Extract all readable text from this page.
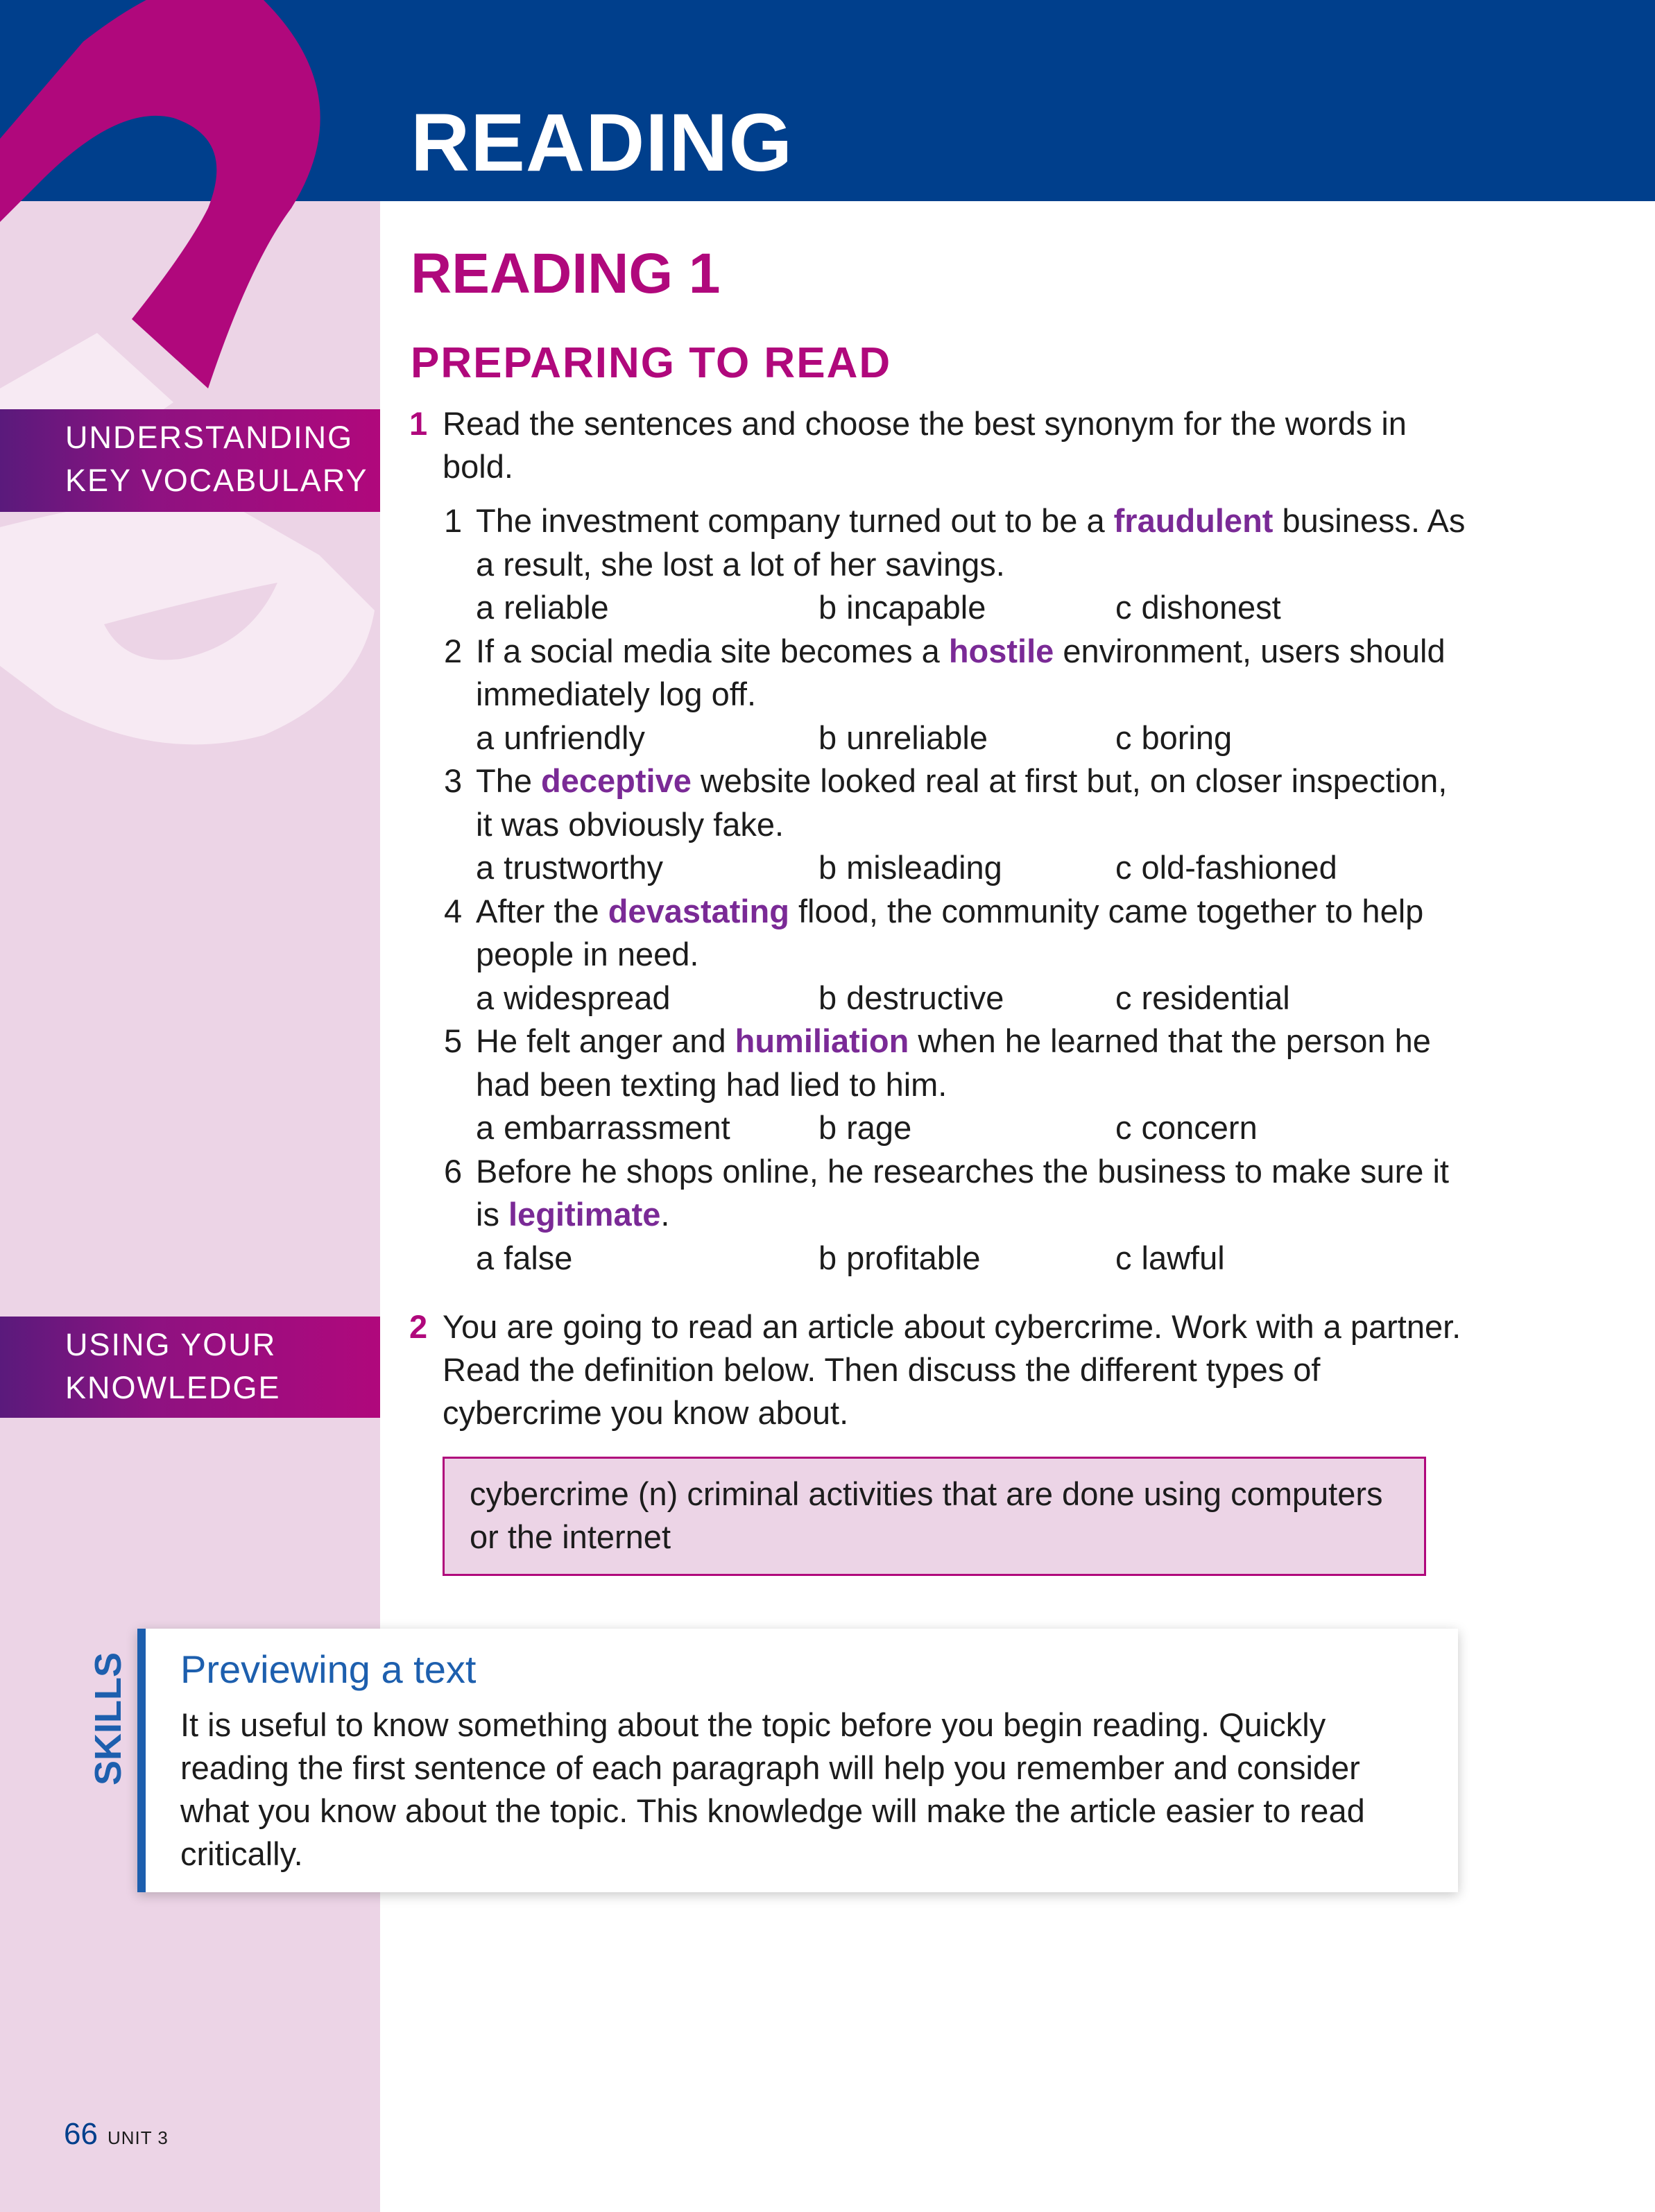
READING
READING 1
PREPARING TO READ
UNDERSTANDING
KEY VOCABULARY
1 Read the sentences and choose the best synonym for the words in bold.
1 The investment company turned out to be a fraudulent business. As a result, she lost a lot of her savings.
a reliable	b incapable	c dishonest
2 If a social media site becomes a hostile environment, users should immediately log off.
a unfriendly	b unreliable	c boring
3 The deceptive website looked real at first but, on closer inspection, it was obviously fake.
a trustworthy	b misleading	c old-fashioned
4 After the devastating flood, the community came together to help people in need.
a widespread	b destructive	c residential
5 He felt anger and humiliation when he learned that the person he had been texting had lied to him.
a embarrassment	b rage	c concern
6 Before he shops online, he researches the business to make sure it is legitimate.
a false	b profitable	c lawful
USING YOUR
KNOWLEDGE
2 You are going to read an article about cybercrime. Work with a partner. Read the definition below. Then discuss the different types of cybercrime you know about.
cybercrime (n) criminal activities that are done using computers or the internet
SKILLS Previewing a text

It is useful to know something about the topic before you begin reading. Quickly reading the first sentence of each paragraph will help you remember and consider what you know about the topic. This knowledge will make the article easier to read critically.

66 UNIT 3
